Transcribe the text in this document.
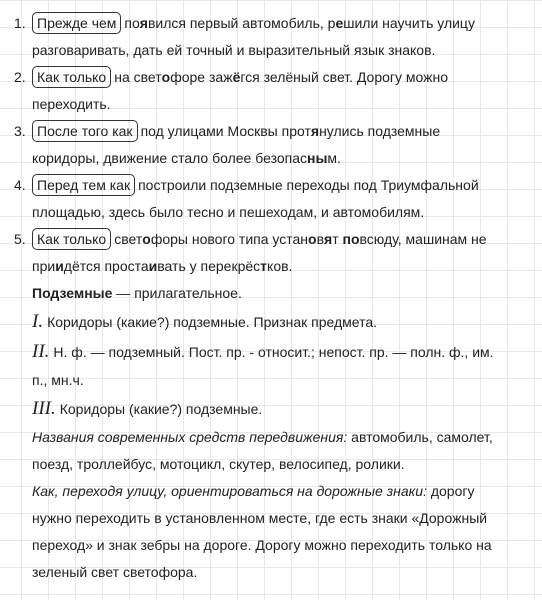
1. Прежде чем появился первый автомобиль, решили научить улицу
разговаривать, дать ей точный и выразительный язык знаков.
2. Как только на светофоре зажёгся зелёный свет. Дорогу можно
переходить.
3. После того как под улицами Москвы протянулись подземные
коридоры, движение стало более безопасным.
4. Перед тем как построили подземные переходы под Триумфальной
площадью, здесь было тесно и пешеходам, и автомобилям.
5. Как только светофоры нового типа установят повсюду, машинам не
приидётся простаивать у перекрёстков.
Подземные — прилагательное.
I. Коридоры (какие?) подземные. Признак предмета.
II. Н. ф. — подземный. Пост. пр. - относит.; непост. пр. — полн. ф., им.
п., мн.ч.
III. Коридоры (какие?) подземные.
Названия современных средств передвижения: автомобиль, самолет,
поезд, троллейбус, мотоцикл, скутер, велосипед, ролики.
Как, переходя улицу, ориентироваться на дорожные знаки: дорогу
нужно переходить в установленном месте, где есть знаки «Дорожный
переход» и знак зебры на дороге. Дорогу можно переходить только на
зеленый свет светофора.
